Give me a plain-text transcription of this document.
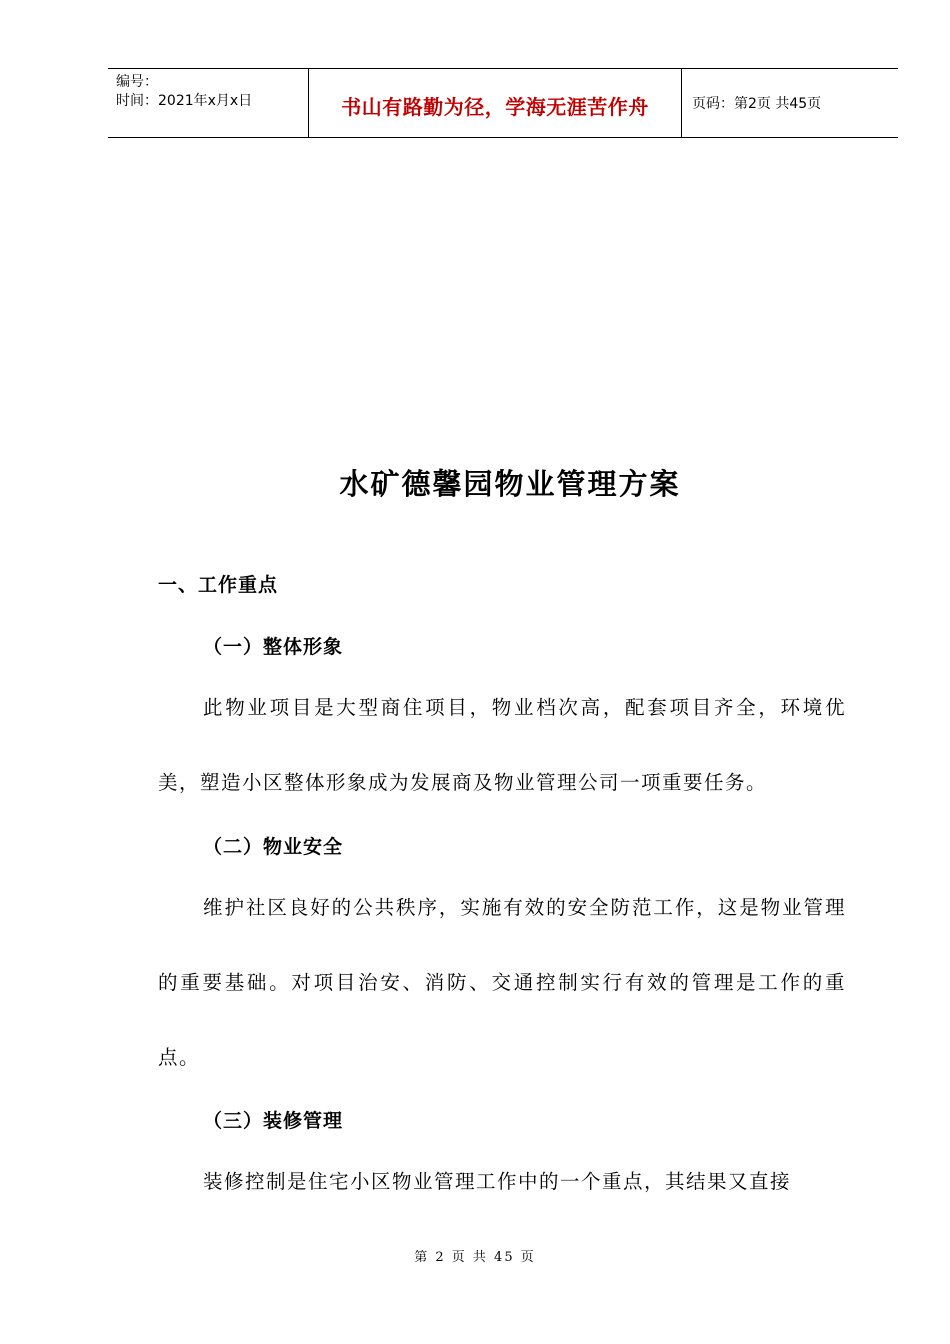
编号：
时间：2021年x月x日	书山有路勤为径，学海无涯苦作舟	页码：第2页 共45页
水矿德馨园物业管理方案
一、工作重点
（一）整体形象

此物业项目是大型商住项目，物业档次高，配套项目齐全，环境优美，塑造小区整体形象成为发展商及物业管理公司一项重要任务。

（二）物业安全

维护社区良好的公共秩序，实施有效的安全防范工作，这是物业管理的重要基础。对项目治安、消防、交通控制实行有效的管理是工作的重点。

（三）装修管理

装修控制是住宅小区物业管理工作中的一个重点，其结果又直接

第 2 页 共 45 页
